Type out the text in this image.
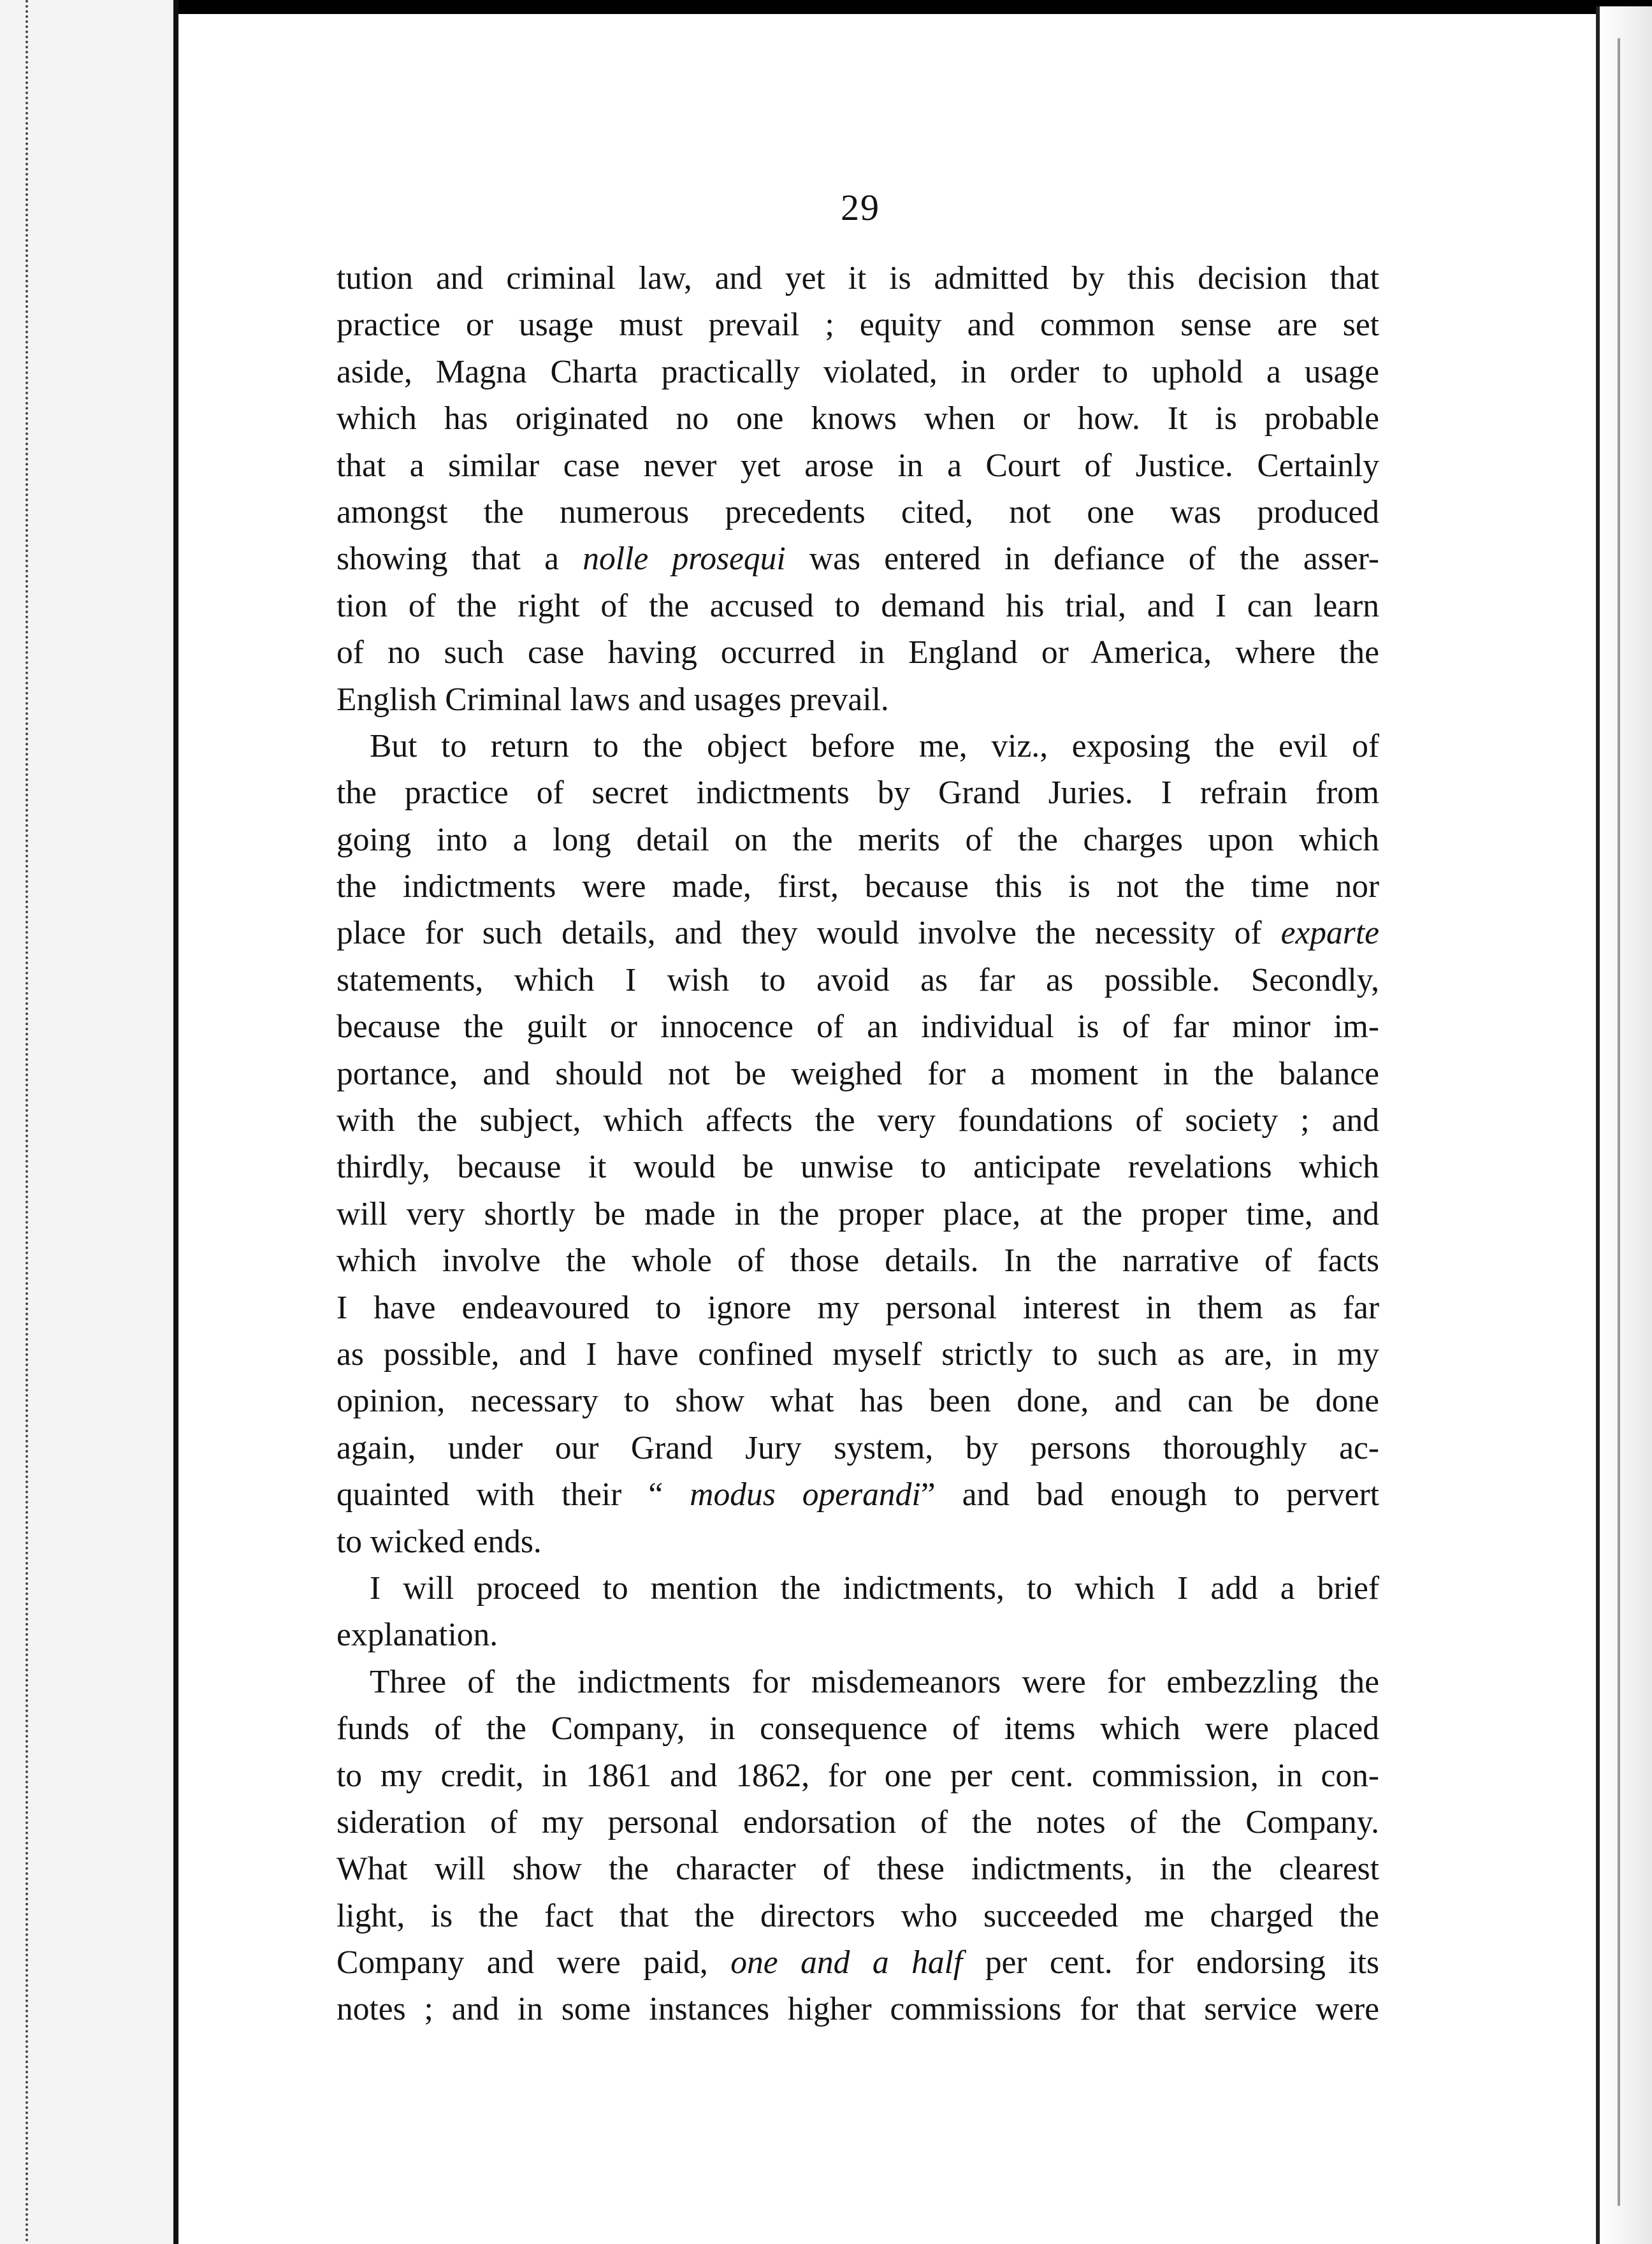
29
tution and criminal law, and yet it is admitted by this decision that
practice or usage must prevail ; equity and common sense are set
aside, Magna Charta practically violated, in order to uphold a usage
which has originated no one knows when or how. It is probable
that a similar case never yet arose in a Court of Justice. Certainly
amongst the numerous precedents cited, not one was produced
showing that a nolle prosequi was entered in defiance of the asser-
tion of the right of the accused to demand his trial, and I can learn
of no such case having occurred in England or America, where the
English Criminal laws and usages prevail.
But to return to the object before me, viz., exposing the evil of
the practice of secret indictments by Grand Juries. I refrain from
going into a long detail on the merits of the charges upon which
the indictments were made, first, because this is not the time nor
place for such details, and they would involve the necessity of exparte
statements, which I wish to avoid as far as possible. Secondly,
because the guilt or innocence of an individual is of far minor im-
portance, and should not be weighed for a moment in the balance
with the subject, which affects the very foundations of society ; and
thirdly, because it would be unwise to anticipate revelations which
will very shortly be made in the proper place, at the proper time, and
which involve the whole of those details. In the narrative of facts
I have endeavoured to ignore my personal interest in them as far
as possible, and I have confined myself strictly to such as are, in my
opinion, necessary to show what has been done, and can be done
again, under our Grand Jury system, by persons thoroughly ac-
quainted with their “ modus operandi” and bad enough to pervert
to wicked ends.
I will proceed to mention the indictments, to which I add a brief
explanation.
Three of the indictments for misdemeanors were for embezzling the
funds of the Company, in consequence of items which were placed
to my credit, in 1861 and 1862, for one per cent. commission, in con-
sideration of my personal endorsation of the notes of the Company.
What will show the character of these indictments, in the clearest
light, is the fact that the directors who succeeded me charged the
Company and were paid, one and a half per cent. for endorsing its
notes ; and in some instances higher commissions for that service were
